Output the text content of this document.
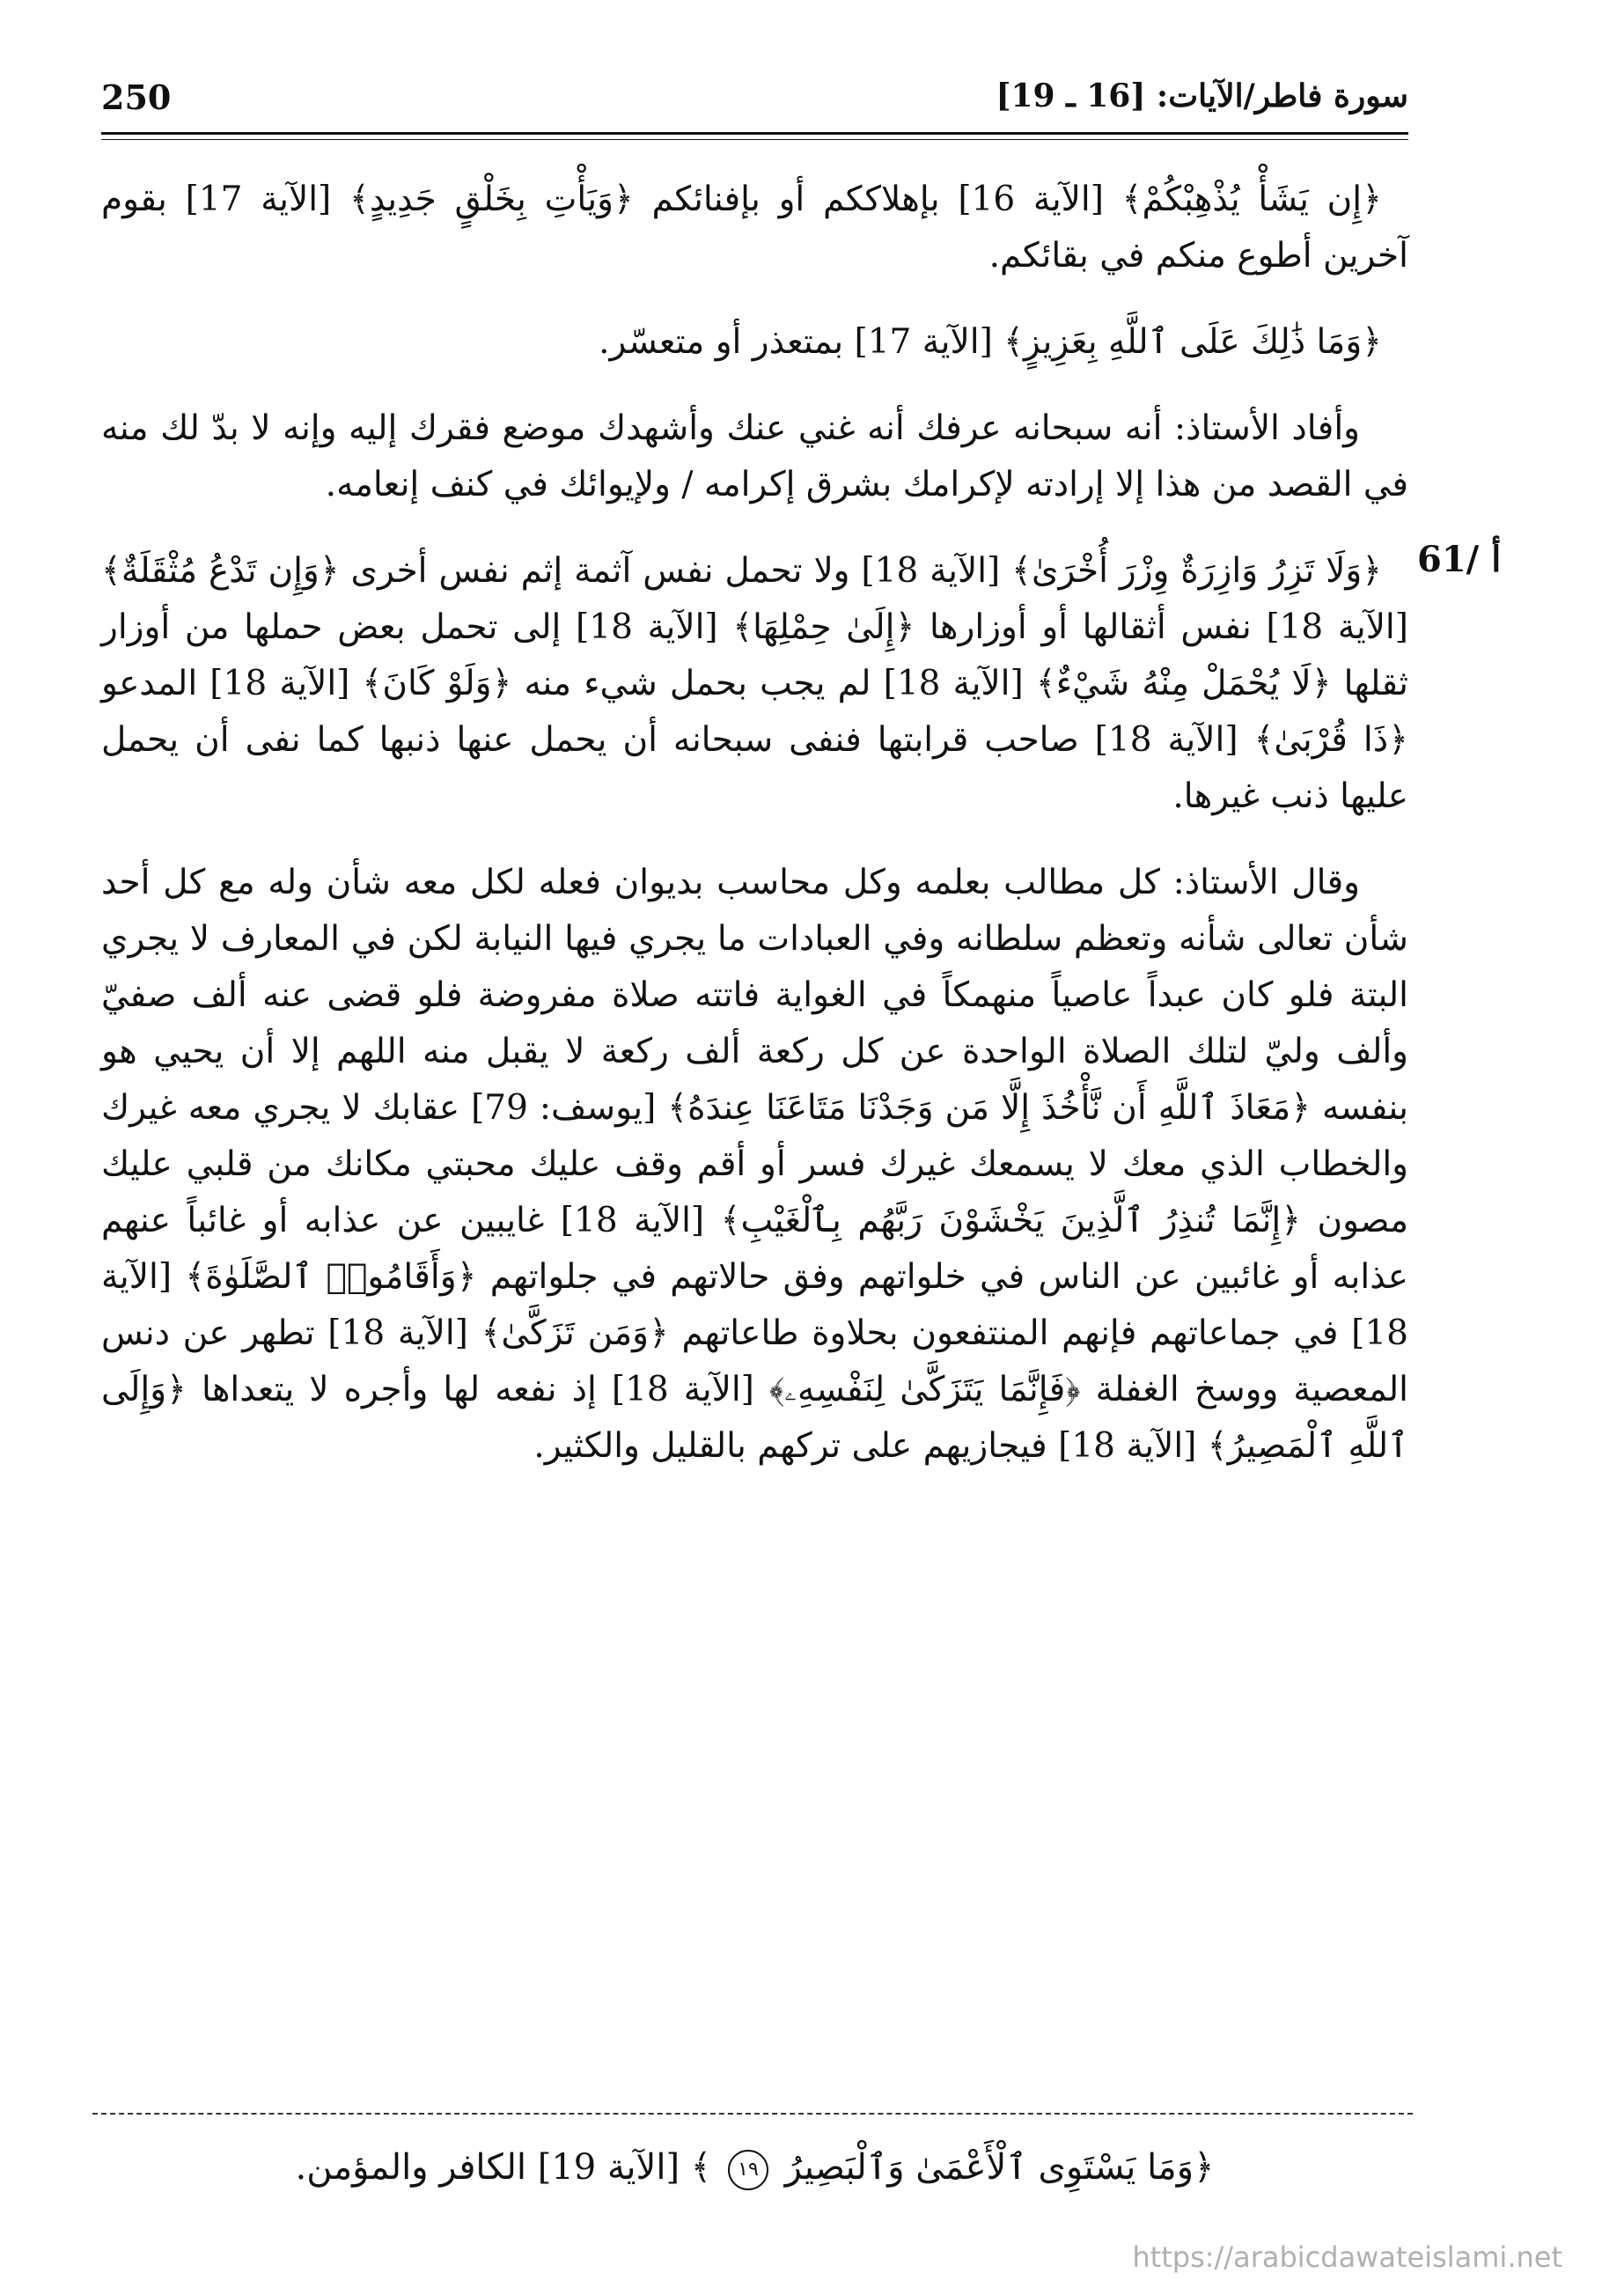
250	سورة فاطر/الآيات: [16 ـ 19]
61/ أ

﴿إِن يَشَأْ يُذْهِبْكُمْ﴾ [الآية 16] بإهلاككم أو بإفنائكم ﴿وَيَأْتِ بِخَلْقٍ جَدِيدٍ﴾ [الآية 17] بقوم آخرين أطوع منكم في بقائكم.

﴿وَمَا ذَٰلِكَ عَلَى ٱللَّهِ بِعَزِيزٍ﴾ [الآية 17] بمتعذر أو متعسّر.

وأفاد الأستاذ: أنه سبحانه عرفك أنه غني عنك وأشهدك موضع فقرك إليه وإنه لا بدّ لك منه في القصد من هذا إلا إرادته لإكرامك بشرق إكرامه / ولإيوائك في كنف إنعامه.

﴿وَلَا تَزِرُ وَازِرَةٌ وِزْرَ أُخْرَىٰ﴾ [الآية 18] ولا تحمل نفس آثمة إثم نفس أخرى ﴿وَإِن تَدْعُ مُثْقَلَةٌ﴾ [الآية 18] نفس أثقالها أو أوزارها ﴿إِلَىٰ حِمْلِهَا﴾ [الآية 18] إلى تحمل بعض حملها من أوزار ثقلها ﴿لَا يُحْمَلْ مِنْهُ شَيْءٌ﴾ [الآية 18] لم يجب بحمل شيء منه ﴿وَلَوْ كَانَ﴾ [الآية 18] المدعو ﴿ذَا قُرْبَىٰ﴾ [الآية 18] صاحب قرابتها فنفى سبحانه أن يحمل عنها ذنبها كما نفى أن يحمل عليها ذنب غيرها.

وقال الأستاذ: كل مطالب بعلمه وكل محاسب بديوان فعله لكل معه شأن وله مع كل أحد شأن تعالى شأنه وتعظم سلطانه وفي العبادات ما يجري فيها النيابة لكن في المعارف لا يجري البتة فلو كان عبداً عاصياً منهمكاً في الغواية فاتته صلاة مفروضة فلو قضى عنه ألف صفيّ وألف وليّ لتلك الصلاة الواحدة عن كل ركعة ألف ركعة لا يقبل منه اللهم إلا أن يحيي هو بنفسه ﴿مَعَاذَ ٱللَّهِ أَن نَّأْخُذَ إِلَّا مَن وَجَدْنَا مَتَاعَنَا عِندَهُ﴾ [يوسف: 79] عقابك لا يجري معه غيرك والخطاب الذي معك لا يسمعك غيرك فسر أو أقم وقف عليك محبتي مكانك من قلبي عليك مصون ﴿إِنَّمَا تُنذِرُ ٱلَّذِينَ يَخْشَوْنَ رَبَّهُم بِٱلْغَيْبِ﴾ [الآية 18] غايبين عن عذابه أو غائباً عنهم عذابه أو غائبين عن الناس في خلواتهم وفق حالاتهم في جلواتهم ﴿وَأَقَامُوا۟ ٱلصَّلَوٰةَ﴾ [الآية 18] في جماعاتهم فإنهم المنتفعون بحلاوة طاعاتهم ﴿وَمَن تَزَكَّىٰ﴾ [الآية 18] تطهر عن دنس المعصية ووسخ الغفلة ﴿فَإِنَّمَا يَتَزَكَّىٰ لِنَفْسِهِۦ﴾ [الآية 18] إذ نفعه لها وأجره لا يتعداها ﴿وَإِلَى ٱللَّهِ ٱلْمَصِيرُ﴾ [الآية 18] فيجازيهم على تركهم بالقليل والكثير.

﴿وَمَا يَسْتَوِى ٱلْأَعْمَىٰ وَٱلْبَصِيرُ ١٩ ﴾ [الآية 19] الكافر والمؤمن.
https://arabicdawateislami.net
